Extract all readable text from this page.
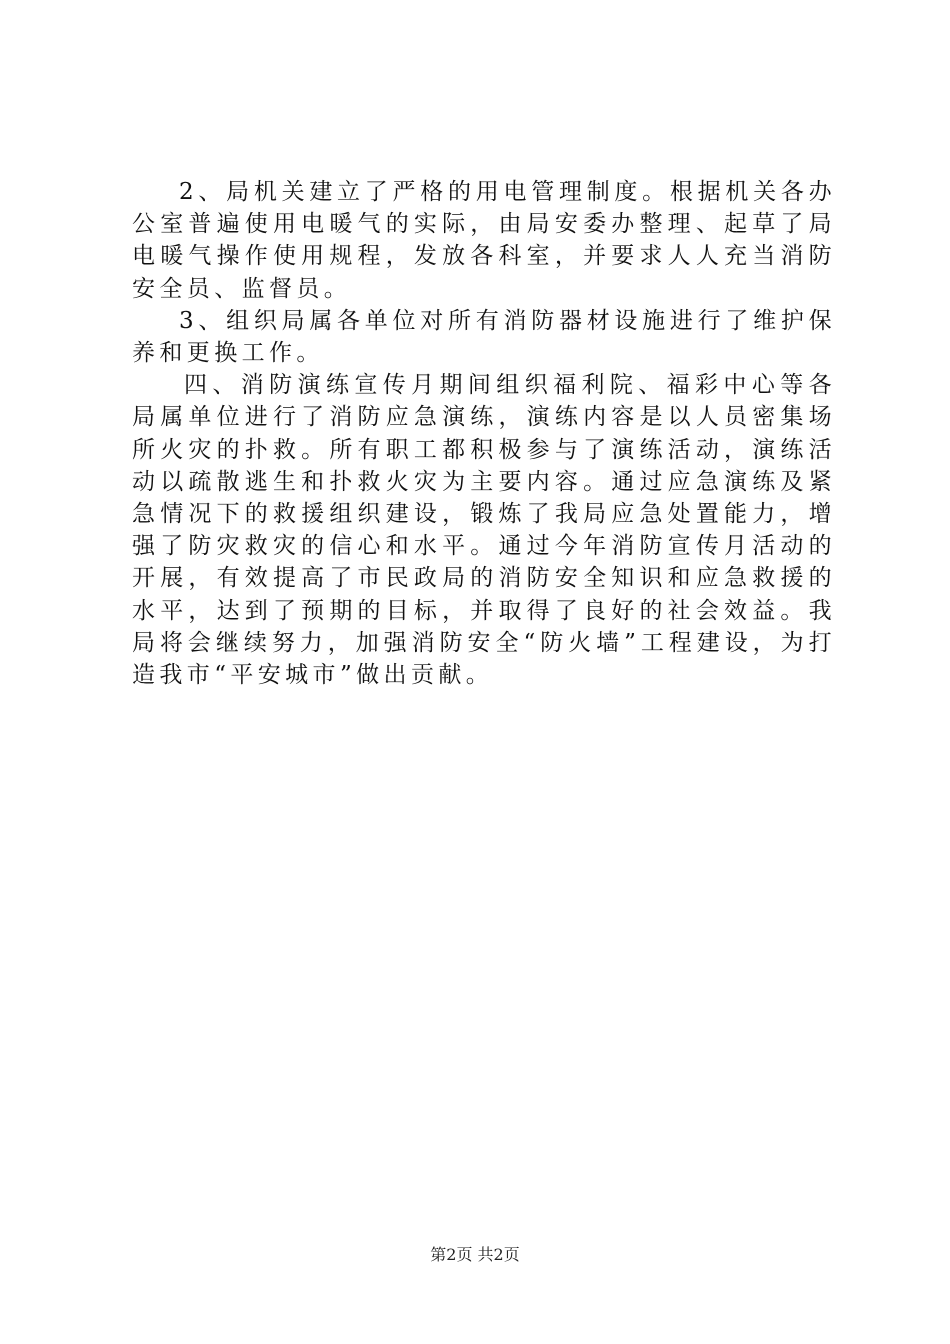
2、局机关建立了严格的用电管理制度。根据机关各办公室普遍使用电暖气的实际，由局安委办整理、起草了局电暖气操作使用规程，发放各科室，并要求人人充当消防安全员、监督员。

3、组织局属各单位对所有消防器材设施进行了维护保养和更换工作。

四、消防演练宣传月期间组织福利院、福彩中心等各局属单位进行了消防应急演练，演练内容是以人员密集场所火灾的扑救。所有职工都积极参与了演练活动，演练活动以疏散逃生和扑救火灾为主要内容。通过应急演练及紧急情况下的救援组织建设，锻炼了我局应急处置能力，增强了防灾救灾的信心和水平。通过今年消防宣传月活动的开展，有效提高了市民政局的消防安全知识和应急救援的水平，达到了预期的目标，并取得了良好的社会效益。我局将会继续努力，加强消防安全“防火墙”工程建设，为打造我市“平安城市”做出贡献。

第2页 共2页
